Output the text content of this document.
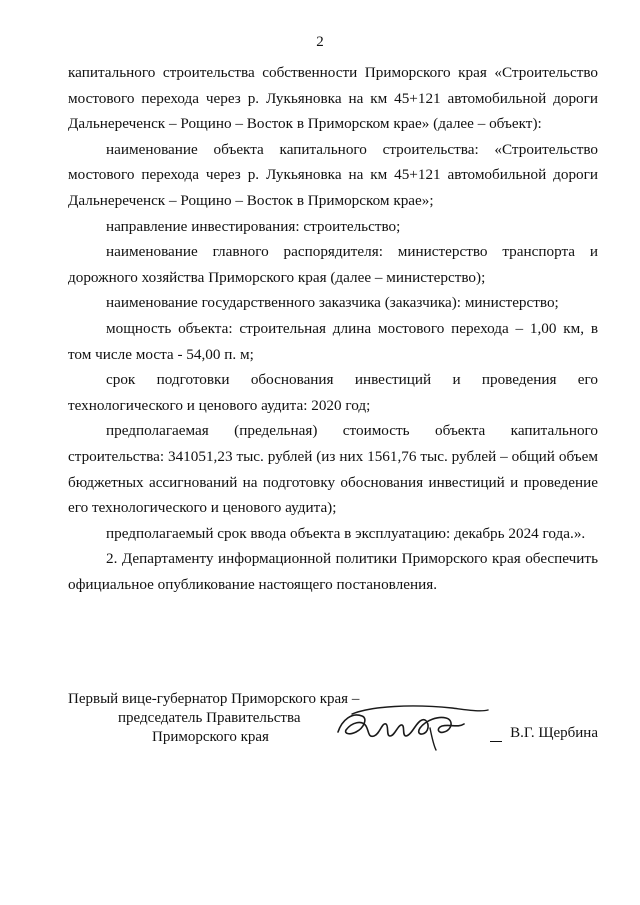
2

капитального строительства собственности Приморского края «Строительство мостового перехода через р. Лукьяновка на км 45+121 автомобильной дороги Дальнереченск – Рощино – Восток в Приморском крае» (далее – объект):

наименование объекта капитального строительства: «Строительство мостового перехода через р. Лукьяновка на км 45+121 автомобильной дороги Дальнереченск – Рощино – Восток в Приморском крае»;

направление инвестирования: строительство;

наименование главного распорядителя: министерство транспорта и дорожного хозяйства Приморского края (далее – министерство);

наименование государственного заказчика (заказчика): министерство;

мощность объекта: строительная длина мостового перехода – 1,00 км, в том числе моста - 54,00 п. м;

срок подготовки обоснования инвестиций и проведения его технологического и ценового аудита: 2020 год;

предполагаемая (предельная) стоимость объекта капитального строительства: 341051,23 тыс. рублей (из них 1561,76 тыс. рублей – общий объем бюджетных ассигнований на подготовку обоснования инвестиций и проведение его технологического и ценового аудита);

предполагаемый срок ввода объекта в эксплуатацию: декабрь 2024 года.».

2. Департаменту информационной политики Приморского края обеспечить официальное опубликование настоящего постановления.

Первый вице-губернатор Приморского края –
председатель Правительства
Приморского края	В.Г. Щербина
